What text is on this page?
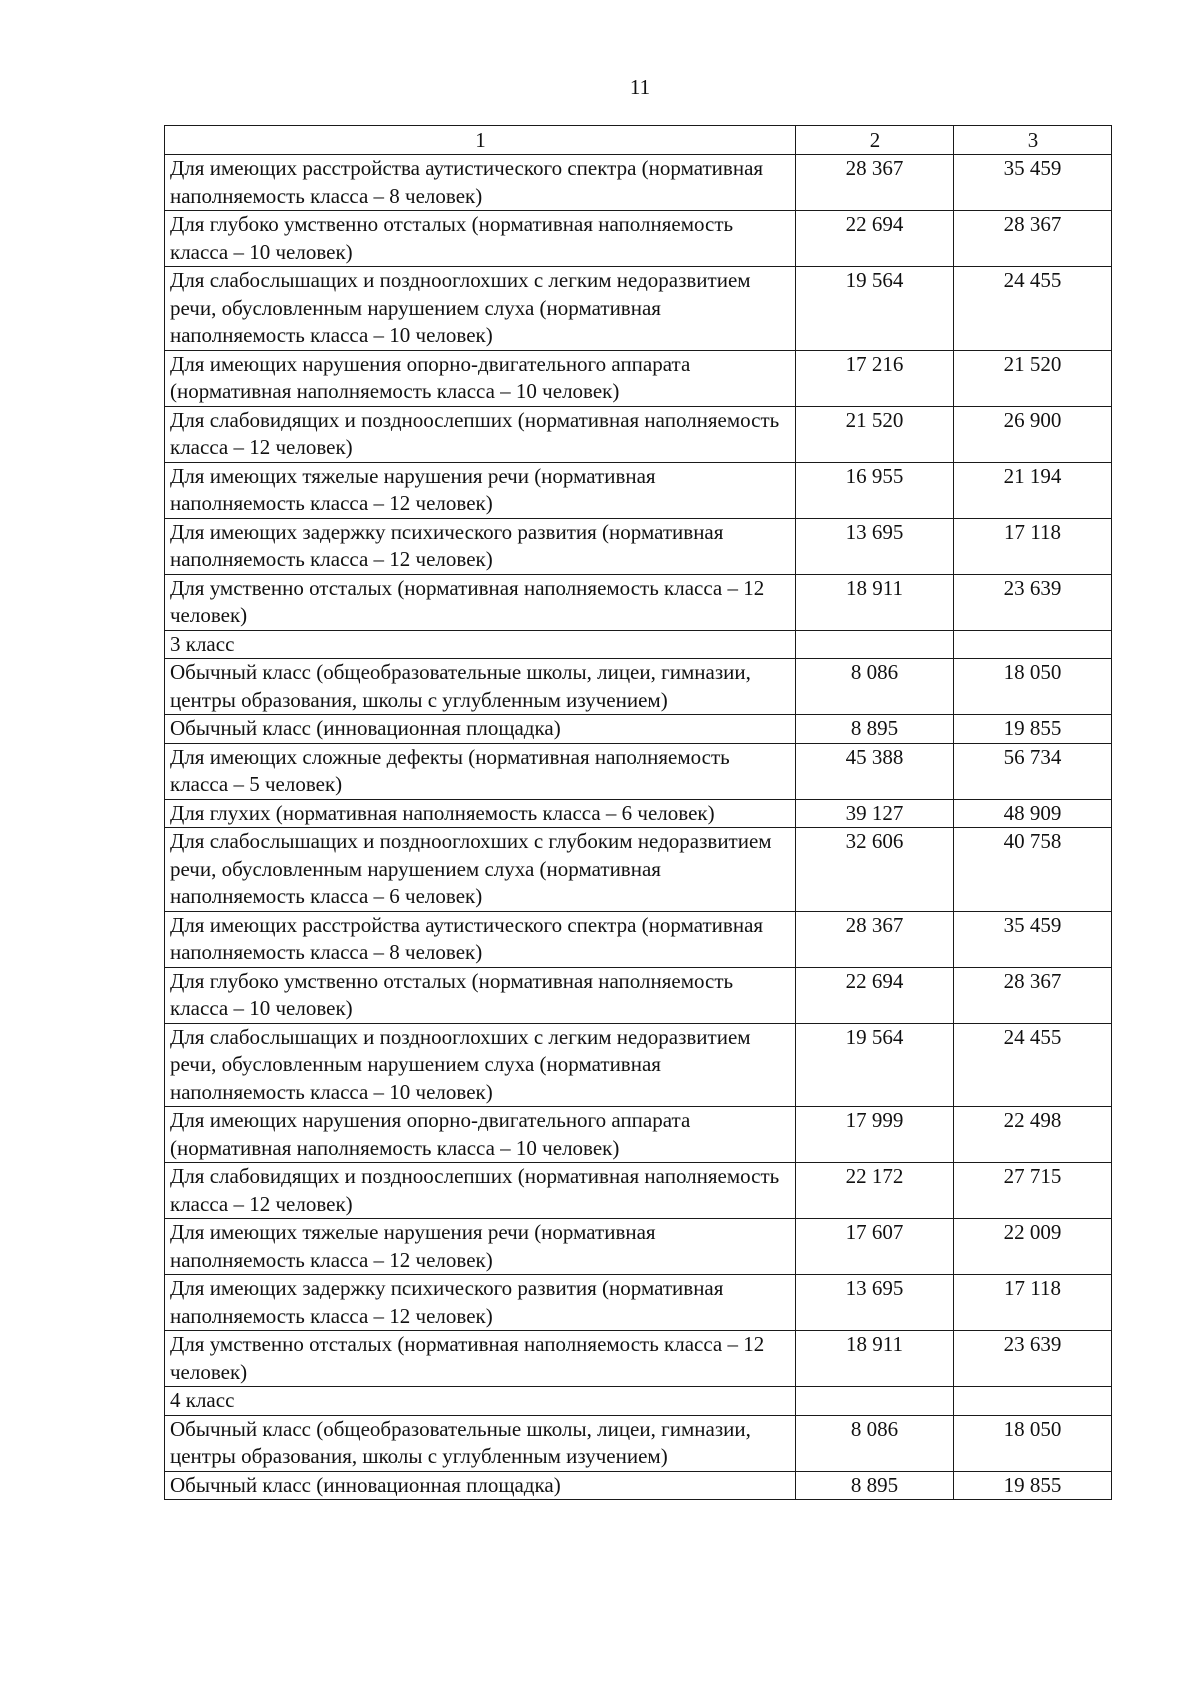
11
1	2	3
Для имеющих расстройства аутистического спектра (нормативная наполняемость класса – 8 человек)	28 367	35 459
Для глубоко умственно отсталых (нормативная наполняемость класса – 10 человек)	22 694	28 367
Для слабослышащих и позднооглохших с легким недоразвитием речи, обусловленным нарушением слуха (нормативная наполняемость класса – 10 человек)	19 564	24 455
Для имеющих нарушения опорно-двигательного аппарата (нормативная наполняемость класса – 10 человек)	17 216	21 520
Для слабовидящих и поздноослепших (нормативная наполняемость класса – 12 человек)	21 520	26 900
Для имеющих тяжелые нарушения речи (нормативная наполняемость класса – 12 человек)	16 955	21 194
Для имеющих задержку психического развития (нормативная наполняемость класса – 12 человек)	13 695	17 118
Для умственно отсталых (нормативная наполняемость класса – 12 человек)	18 911	23 639
3 класс		
Обычный класс (общеобразовательные школы, лицеи, гимназии, центры образования, школы с углубленным изучением)	8 086	18 050
Обычный класс (инновационная площадка)	8 895	19 855
Для имеющих сложные дефекты (нормативная наполняемость класса – 5 человек)	45 388	56 734
Для глухих (нормативная наполняемость класса – 6 человек)	39 127	48 909
Для слабослышащих и позднооглохших с глубоким недоразвитием речи, обусловленным нарушением слуха (нормативная наполняемость класса – 6 человек)	32 606	40 758
Для имеющих расстройства аутистического спектра (нормативная наполняемость класса – 8 человек)	28 367	35 459
Для глубоко умственно отсталых (нормативная наполняемость класса – 10 человек)	22 694	28 367
Для слабослышащих и позднооглохших с легким недоразвитием речи, обусловленным нарушением слуха (нормативная наполняемость класса – 10 человек)	19 564	24 455
Для имеющих нарушения опорно-двигательного аппарата (нормативная наполняемость класса – 10 человек)	17 999	22 498
Для слабовидящих и поздноослепших (нормативная наполняемость класса – 12 человек)	22 172	27 715
Для имеющих тяжелые нарушения речи (нормативная наполняемость класса – 12 человек)	17 607	22 009
Для имеющих задержку психического развития (нормативная наполняемость класса – 12 человек)	13 695	17 118
Для умственно отсталых (нормативная наполняемость класса – 12 человек)	18 911	23 639
4 класс		
Обычный класс (общеобразовательные школы, лицеи, гимназии, центры образования, школы с углубленным изучением)	8 086	18 050
Обычный класс (инновационная площадка)	8 895	19 855
